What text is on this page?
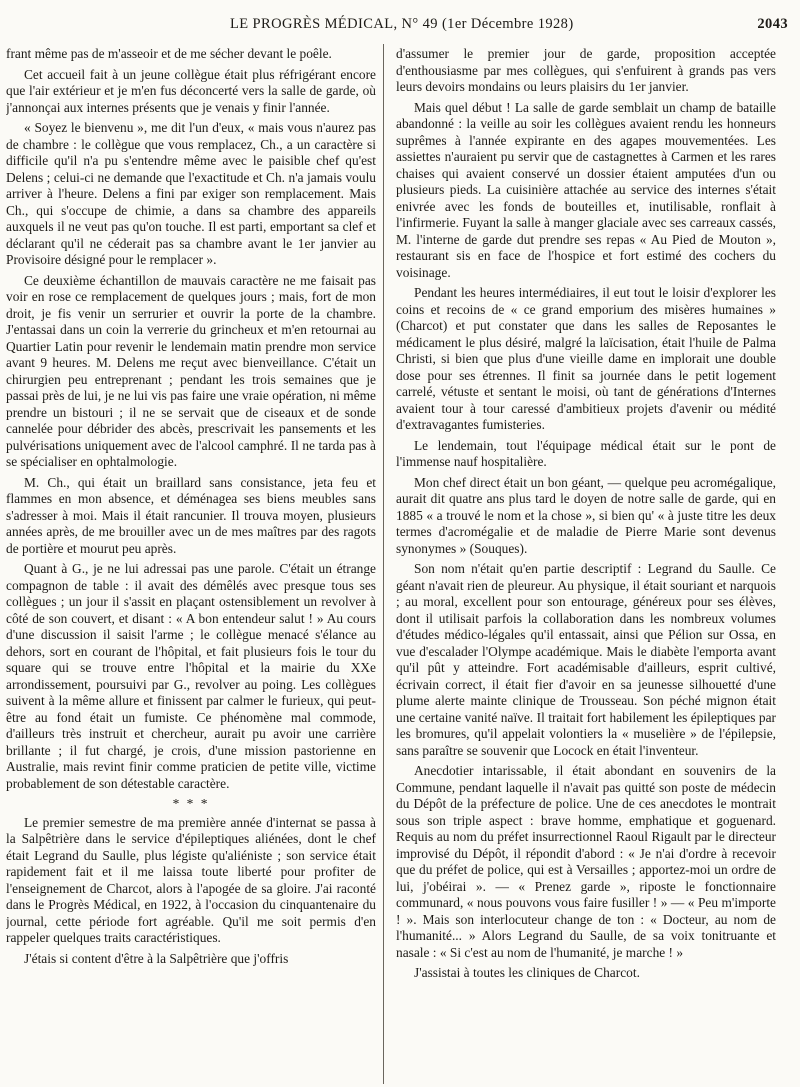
LE PROGRÈS MÉDICAL, N° 49 (1er Décembre 1928)	2043

frant même pas de m'asseoir et de me sécher devant le poêle.

Cet accueil fait à un jeune collègue était plus réfrigérant encore que l'air extérieur et je m'en fus déconcerté vers la salle de garde, où j'annonçai aux internes présents que je venais y finir l'année.

« Soyez le bienvenu », me dit l'un d'eux, « mais vous n'aurez pas de chambre : le collègue que vous remplacez, Ch., a un caractère si difficile qu'il n'a pu s'entendre même avec le paisible chef qu'est Delens ; celui-ci ne demande que l'exactitude et Ch. n'a jamais voulu arriver à l'heure. Delens a fini par exiger son remplacement. Mais Ch., qui s'occupe de chimie, a dans sa chambre des appareils auxquels il ne veut pas qu'on touche. Il est parti, emportant sa clef et déclarant qu'il ne céderait pas sa chambre avant le 1er janvier au Provisoire désigné pour le remplacer ».

Ce deuxième échantillon de mauvais caractère ne me faisait pas voir en rose ce remplacement de quelques jours ; mais, fort de mon droit, je fis venir un serrurier et ouvrir la porte de la chambre. J'entassai dans un coin la verrerie du grincheux et m'en retournai au Quartier Latin pour revenir le lendemain matin prendre mon service avant 9 heures. M. Delens me reçut avec bienveillance. C'était un chirurgien peu entreprenant ; pendant les trois semaines que je passai près de lui, je ne lui vis pas faire une vraie opération, ni même prendre un bistouri ; il ne se servait que de ciseaux et de sonde cannelée pour débrider des abcès, prescrivait les pansements et les pulvérisations uniquement avec de l'alcool camphré. Il ne tarda pas à se spécialiser en ophtalmologie.

M. Ch., qui était un braillard sans consistance, jeta feu et flammes en mon absence, et déménagea ses biens meubles sans s'adresser à moi. Mais il était rancunier. Il trouva moyen, plusieurs années après, de me brouiller avec un de mes maîtres par des ragots de portière et mourut peu après.

Quant à G., je ne lui adressai pas une parole. C'était un étrange compagnon de table : il avait des démêlés avec presque tous ses collègues ; un jour il s'assit en plaçant ostensiblement un revolver à côté de son couvert, et disant : « A bon entendeur salut ! » Au cours d'une discussion il saisit l'arme ; le collègue menacé s'élance au dehors, sort en courant de l'hôpital, et fait plusieurs fois le tour du square qui se trouve entre l'hôpital et la mairie du XXe arrondissement, poursuivi par G., revolver au poing. Les collègues suivent à la même allure et finissent par calmer le furieux, qui peut-être au fond était un fumiste. Ce phénomène mal commode, d'ailleurs très instruit et chercheur, aurait pu avoir une carrière brillante ; il fut chargé, je crois, d'une mission pastorienne en Australie, mais revint finir comme praticien de petite ville, victime probablement de son détestable caractère.

* * *

Le premier semestre de ma première année d'internat se passa à la Salpêtrière dans le service d'épileptiques aliénées, dont le chef était Legrand du Saulle, plus légiste qu'aliéniste ; son service était rapidement fait et il me laissa toute liberté pour profiter de l'enseignement de Charcot, alors à l'apogée de sa gloire. J'ai raconté dans le Progrès Médical, en 1922, à l'occasion du cinquantenaire du journal, cette période fort agréable. Qu'il me soit permis d'en rappeler quelques traits caractéristiques.

J'étais si content d'être à la Salpêtrière que j'offris

d'assumer le premier jour de garde, proposition acceptée d'enthousiasme par mes collègues, qui s'enfuirent à grands pas vers leurs devoirs mondains ou leurs plaisirs du 1er janvier.

Mais quel début ! La salle de garde semblait un champ de bataille abandonné : la veille au soir les collègues avaient rendu les honneurs suprêmes à l'année expirante en des agapes mouvementées. Les assiettes n'auraient pu servir que de castagnettes à Carmen et les rares chaises qui avaient conservé un dossier étaient amputées d'un ou plusieurs pieds. La cuisinière attachée au service des internes s'était enivrée avec les fonds de bouteilles et, inutilisable, ronflait à l'infirmerie. Fuyant la salle à manger glaciale avec ses carreaux cassés, M. l'interne de garde dut prendre ses repas « Au Pied de Mouton », restaurant sis en face de l'hospice et fort estimé des cochers du voisinage.

Pendant les heures intermédiaires, il eut tout le loisir d'explorer les coins et recoins de « ce grand emporium des misères humaines » (Charcot) et put constater que dans les salles de Reposantes le médicament le plus désiré, malgré la laïcisation, était l'huile de Palma Christi, si bien que plus d'une vieille dame en implorait une double dose pour ses étrennes. Il finit sa journée dans le petit logement carrelé, vétuste et sentant le moisi, où tant de générations d'Internes avaient tour à tour caressé d'ambitieux projets d'avenir ou médité d'extravagantes fumisteries.

Le lendemain, tout l'équipage médical était sur le pont de l'immense nauf hospitalière.

Mon chef direct était un bon géant, — quelque peu acromégalique, aurait dit quatre ans plus tard le doyen de notre salle de garde, qui en 1885 « a trouvé le nom et la chose », si bien qu' « à juste titre les deux termes d'acromégalie et de maladie de Pierre Marie sont devenus synonymes » (Souques).

Son nom n'était qu'en partie descriptif : Legrand du Saulle. Ce géant n'avait rien de pleureur. Au physique, il était souriant et narquois ; au moral, excellent pour son entourage, généreux pour ses élèves, dont il utilisait parfois la collaboration dans les nombreux volumes d'études médico-légales qu'il entassait, ainsi que Pélion sur Ossa, en vue d'escalader l'Olympe académique. Mais le diabète l'emporta avant qu'il pût y atteindre. Fort académisable d'ailleurs, esprit cultivé, écrivain correct, il était fier d'avoir en sa jeunesse silhouetté d'une plume alerte mainte clinique de Trousseau. Son péché mignon était une certaine vanité naïve. Il traitait fort habilement les épileptiques par les bromures, qu'il appelait volontiers la « muselière » de l'épilepsie, sans paraître se souvenir que Locock en était l'inventeur.

Anecdotier intarissable, il était abondant en souvenirs de la Commune, pendant laquelle il n'avait pas quitté son poste de médecin du Dépôt de la préfecture de police. Une de ces anecdotes le montrait sous son triple aspect : brave homme, emphatique et goguenard. Requis au nom du préfet insurrectionnel Raoul Rigault par le directeur improvisé du Dépôt, il répondit d'abord : « Je n'ai d'ordre à recevoir que du préfet de police, qui est à Versailles ; apportez-moi un ordre de lui, j'obéirai ». — « Prenez garde », riposte le fonctionnaire communard, « nous pouvons vous faire fusiller ! » — « Peu m'importe ! ». Mais son interlocuteur change de ton : « Docteur, au nom de l'humanité... » Alors Legrand du Saulle, de sa voix tonitruante et nasale : « Si c'est au nom de l'humanité, je marche ! »

J'assistai à toutes les cliniques de Charcot.
